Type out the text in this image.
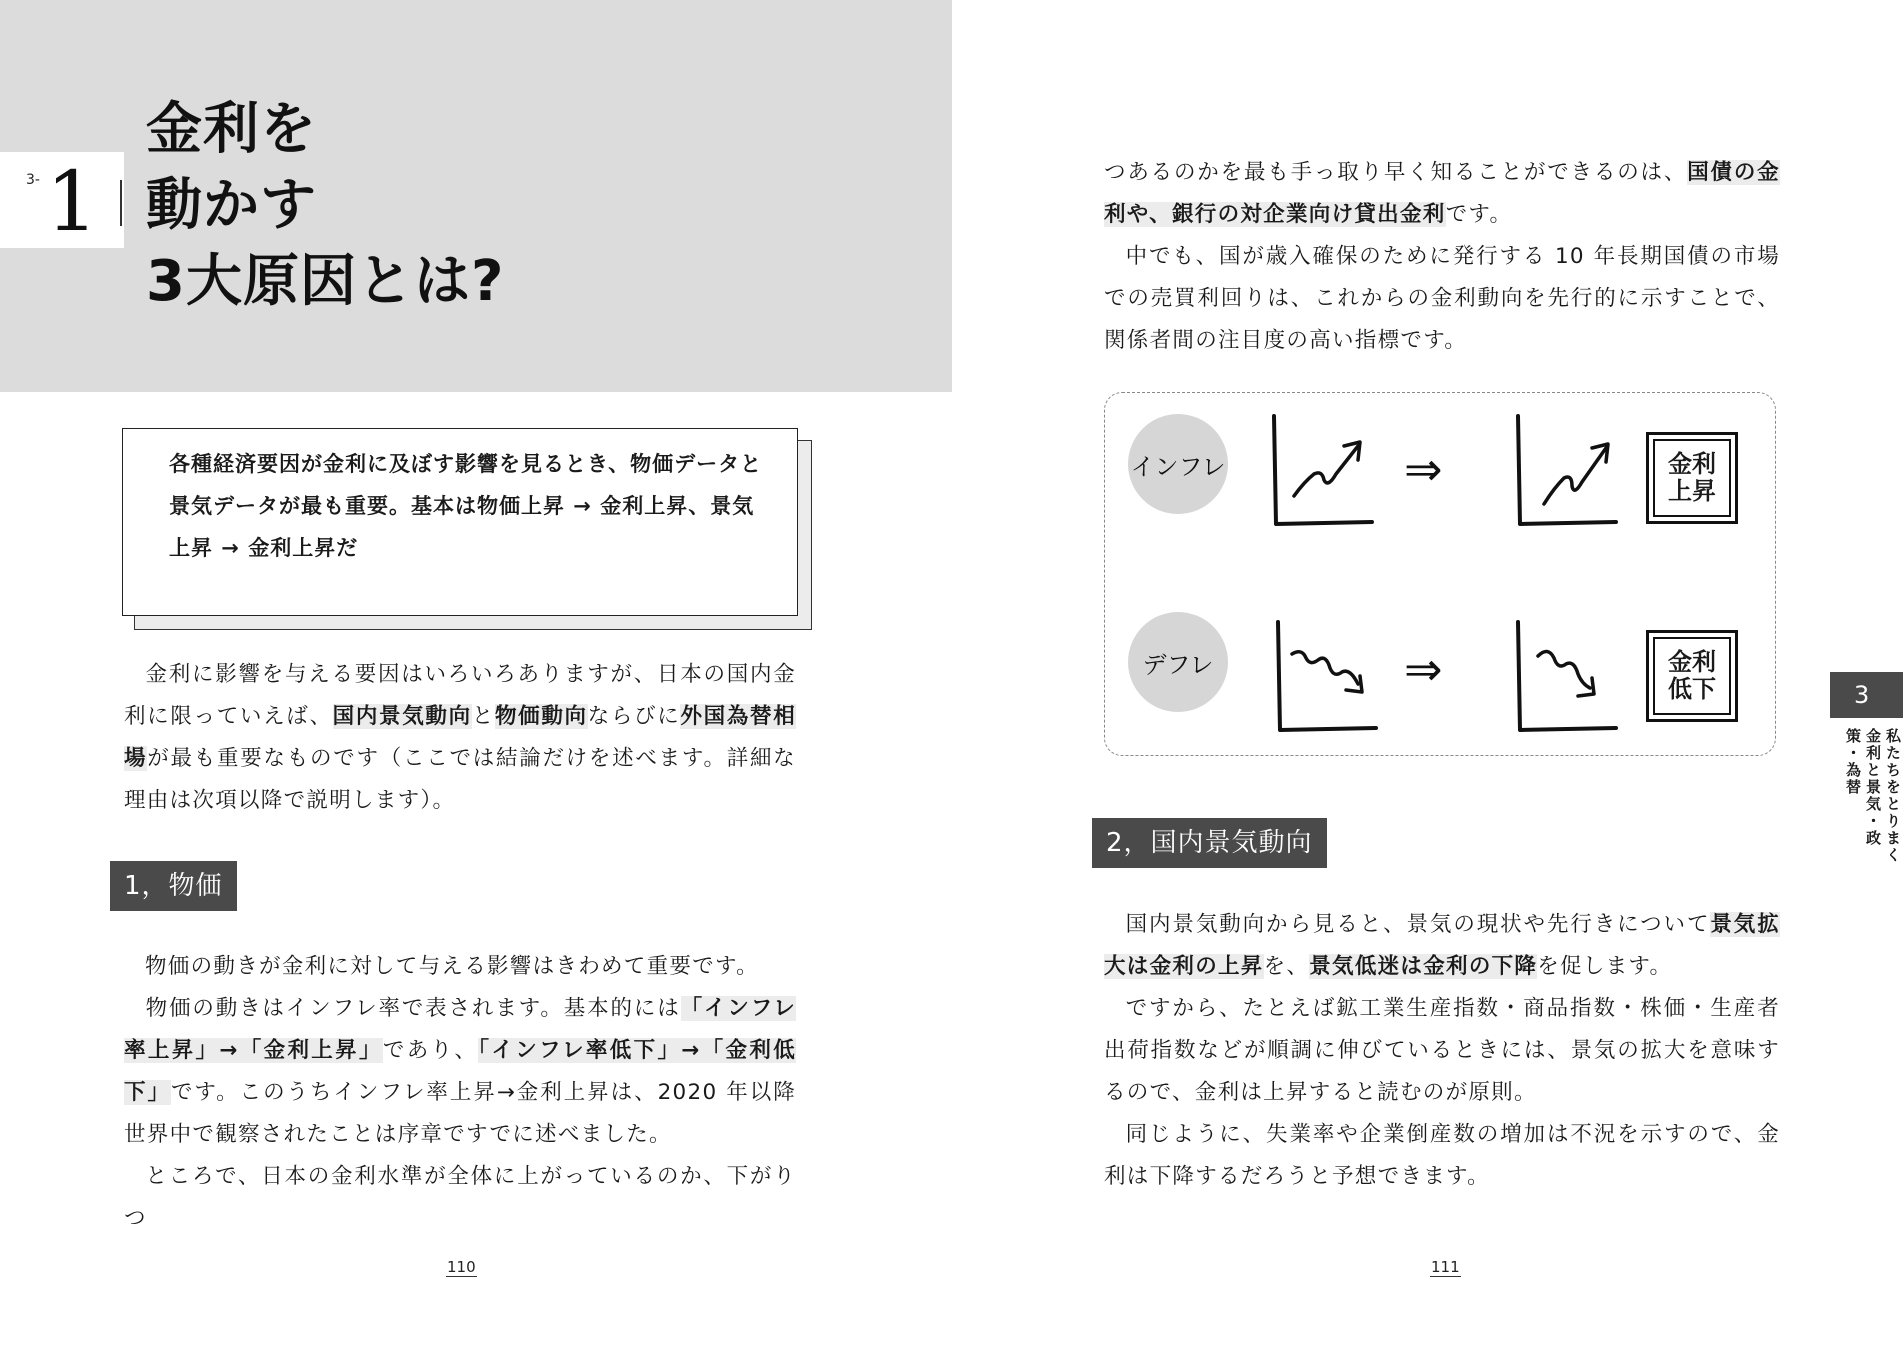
3- 1
金利を
動かす
3大原因とは?
各種経済要因が金利に及ぼす影響を見るとき、物価データと景気データが最も重要。基本は物価上昇 → 金利上昇、景気上昇 → 金利上昇だ

金利に影響を与える要因はいろいろありますが、日本の国内金利に限っていえば、国内景気動向と物価動向ならびに外国為替相場が最も重要なものです（ここでは結論だけを述べます。詳細な理由は次項以降で説明します）。

1，物価

物価の動きが金利に対して与える影響はきわめて重要です。

物価の動きはインフレ率で表されます。基本的には「インフレ率上昇」→「金利上昇」であり、「インフレ率低下」→「金利低下」です。このうちインフレ率上昇→金利上昇は、2020 年以降世界中で観察されたことは序章ですでに述べました。

ところで、日本の金利水準が全体に上がっているのか、下がりつ

110

つあるのかを最も手っ取り早く知ることができるのは、国債の金利や、銀行の対企業向け貸出金利です。

中でも、国が歳入確保のために発行する 10 年長期国債の市場での売買利回りは、これからの金利動向を先行的に示すことで、関係者間の注目度の高い指標です。

インフレ
デフレ
⇒	金利
上昇
⇒	金利
低下
2，国内景気動向

国内景気動向から見ると、景気の現状や先行きについて景気拡大は金利の上昇を、景気低迷は金利の下降を促します。

ですから、たとえば鉱工業生産指数・商品指数・株価・生産者出荷指数などが順調に伸びているときには、景気の拡大を意味するので、金利は上昇すると読むのが原則。

同じように、失業率や企業倒産数の増加は不況を示すので、金利は下降するだろうと予想できます。

3
私たちをとりまく金利と景気・政策・為替
111
